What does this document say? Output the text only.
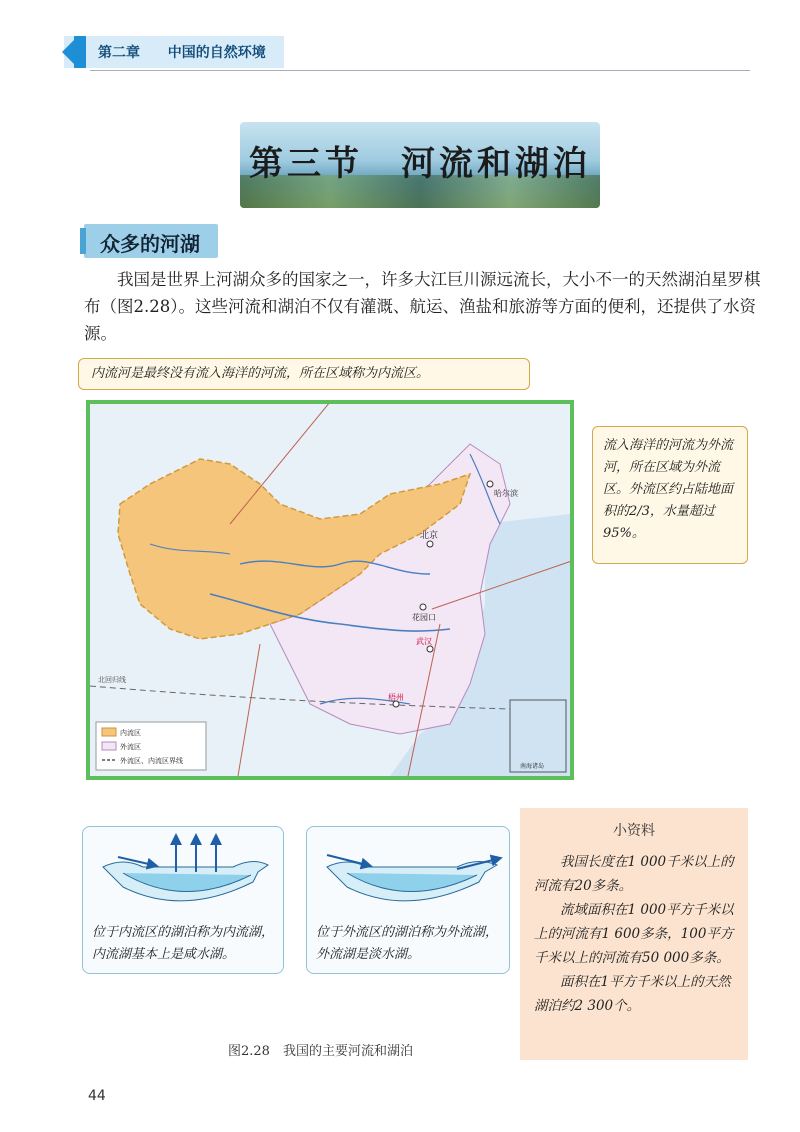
第二章 中国的自然环境
第三节　河流和湖泊
众多的河湖
我国是世界上河湖众多的国家之一，许多大江巨川源远流长，大小不一的天然湖泊星罗棋布（图2.28）。这些河流和湖泊不仅有灌溉、航运、渔盐和旅游等方面的便利，还提供了水资源。
内流河是最终没有流入海洋的河流，所在区域称为内流区。
流入海洋的河流为外流河，所在区域为外流区。外流区约占陆地面积的2/3，水量超过95%。
北回归线
北京
哈尔滨
花园口
武汉
梧州
内流区
外流区
外流区、内流区界线
南海诸岛
位于内流区的湖泊称为内流湖，内流湖基本上是咸水湖。
位于外流区的湖泊称为外流湖，外流湖是淡水湖。
小资料

我国长度在1 000千米以上的河流有20多条。

流域面积在1 000平方千米以上的河流有1 600多条，100平方千米以上的河流有50 000多条。

面积在1平方千米以上的天然湖泊约2 300个。

图2.28　我国的主要河流和湖泊
44
